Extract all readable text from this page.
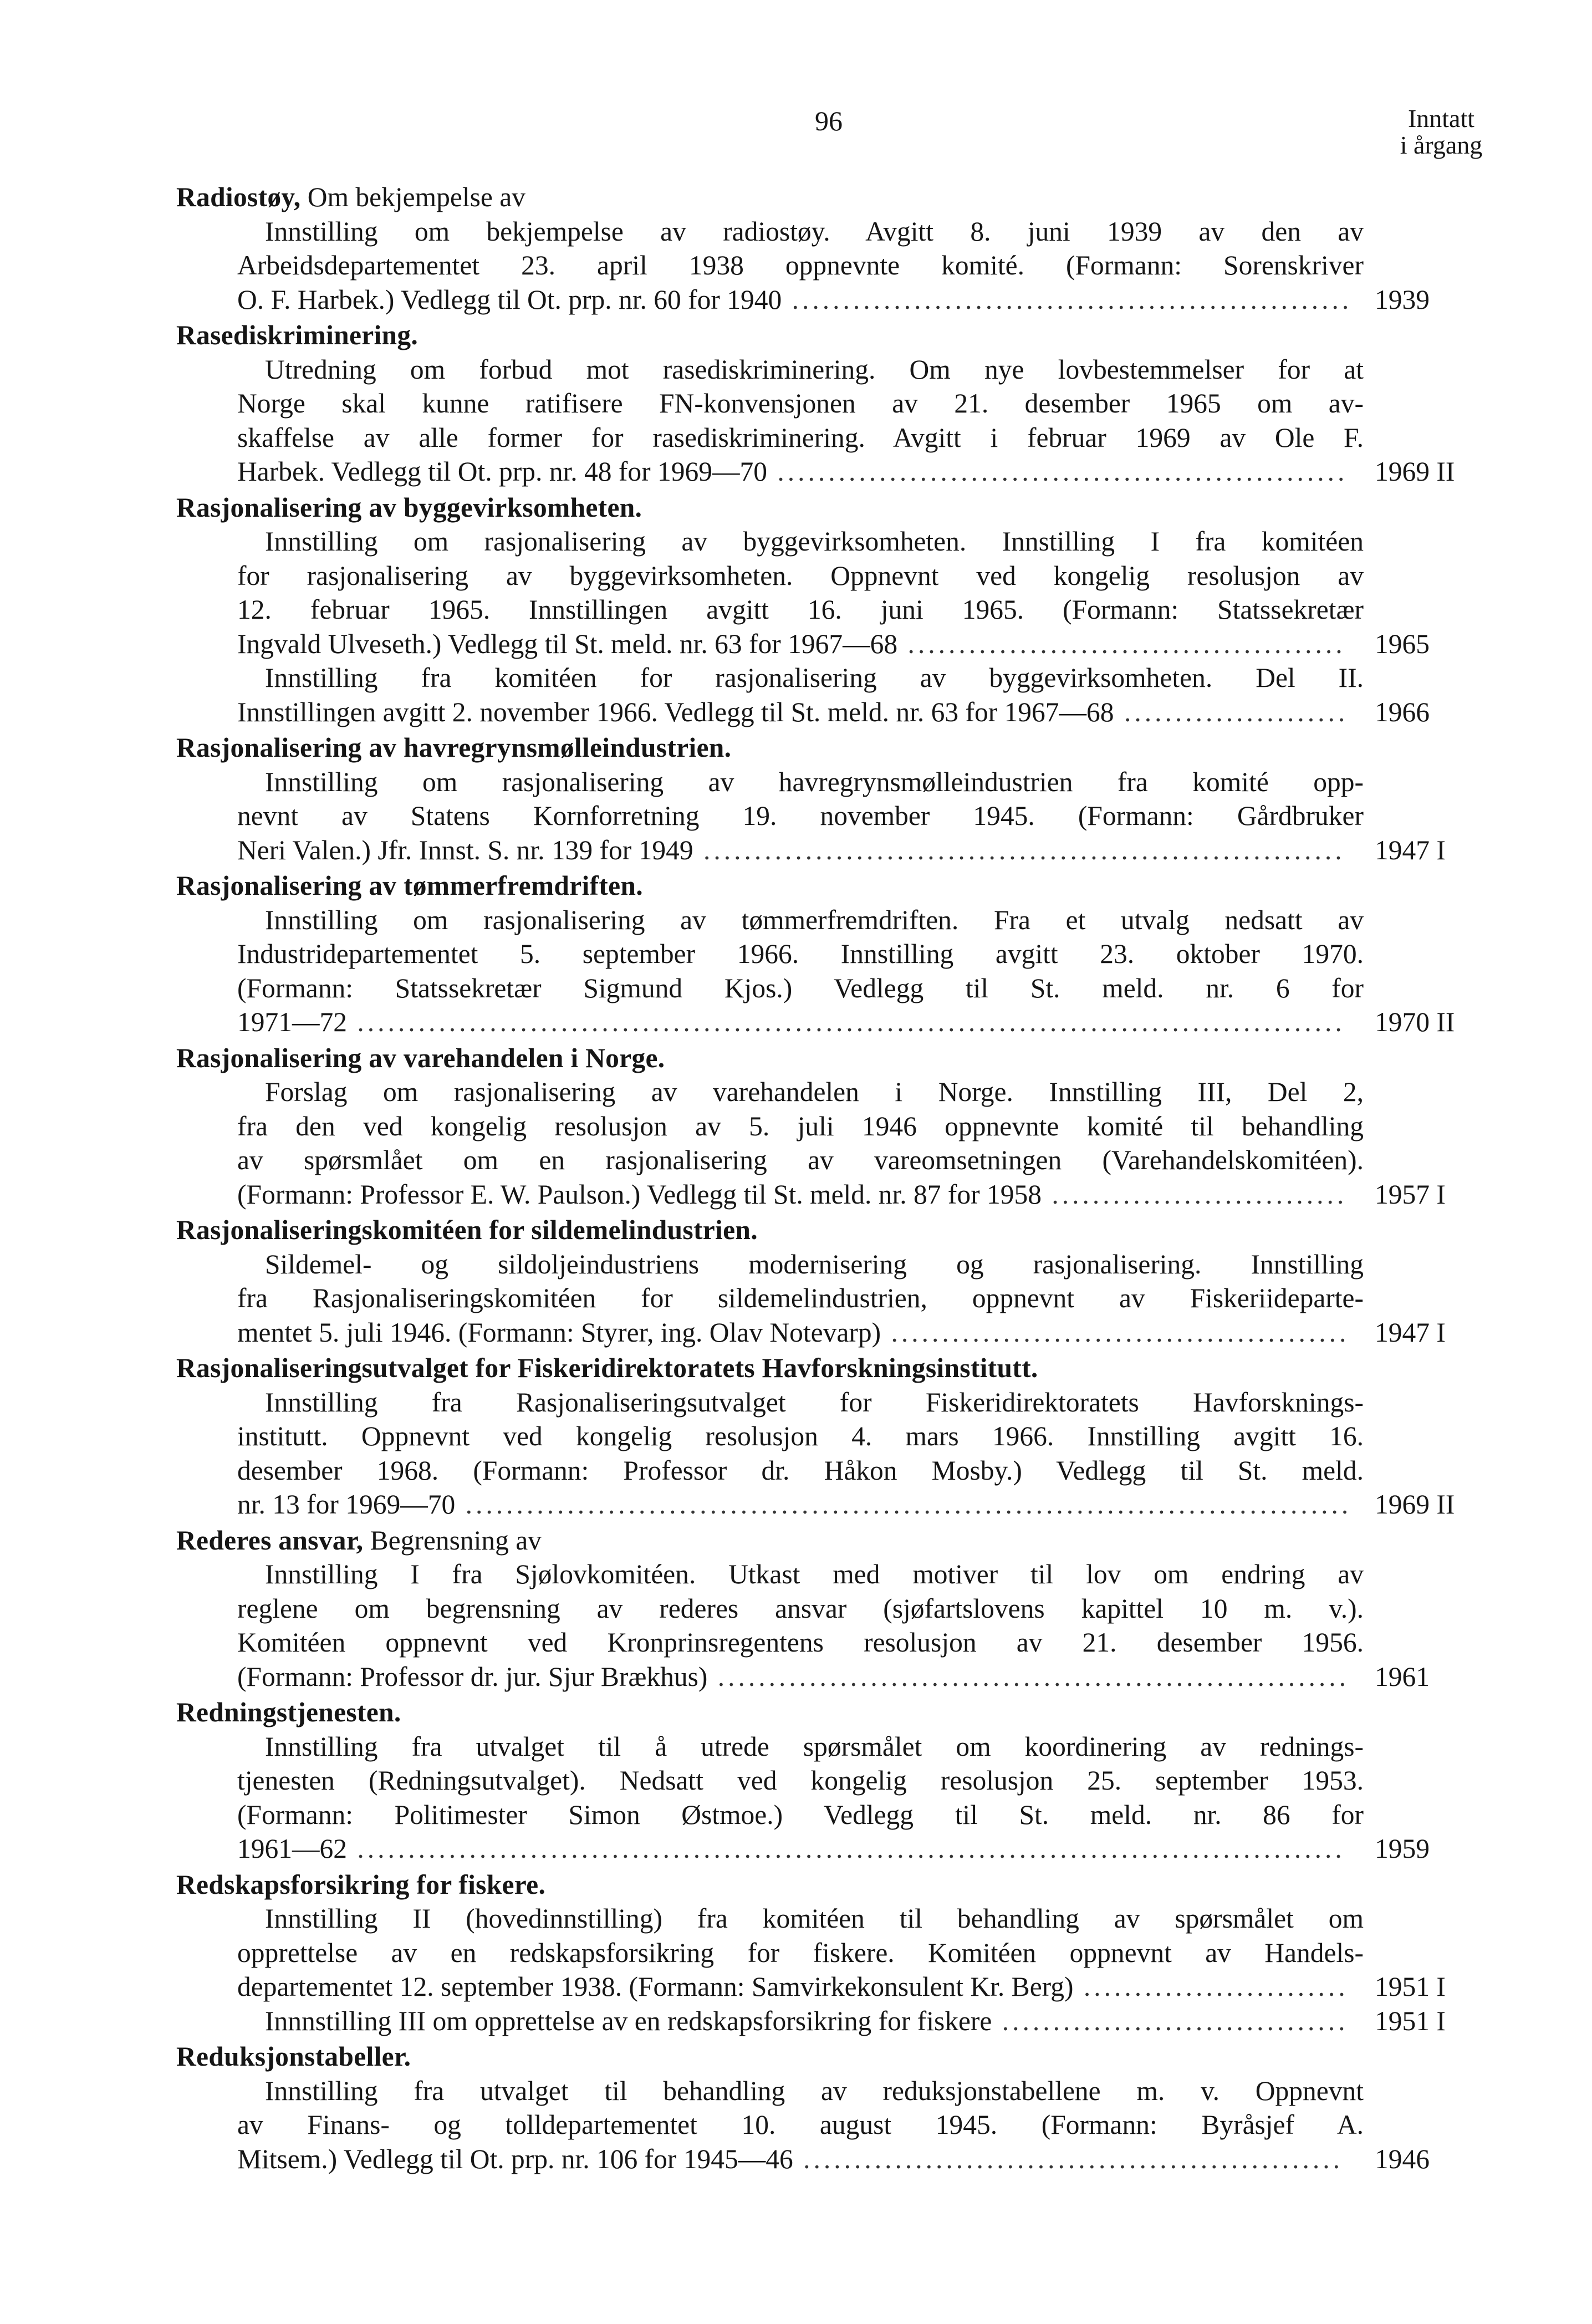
96	Inntatt
i årgang
Radiostøy, Om bekjempelse av
Innstilling om bekjempelse av radiostøy. Avgitt 8. juni 1939 av den av
Arbeidsdepartementet 23. april 1938 oppnevnte komité. (Formann: Sorenskriver
O. F. Harbek.) Vedlegg til Ot. prp. nr. 60 for 1940 ....................................................... 1939
Rasediskriminering.
Utredning om forbud mot rasediskriminering. Om nye lovbestemmelser for at
Norge skal kunne ratifisere FN-konvensjonen av 21. desember 1965 om av-
skaffelse av alle former for rasediskriminering. Avgitt i februar 1969 av Ole F.
Harbek. Vedlegg til Ot. prp. nr. 48 for 1969—70 ........................................................ 1969 II
Rasjonalisering av byggevirksomheten.
Innstilling om rasjonalisering av byggevirksomheten. Innstilling I fra komitéen
for rasjonalisering av byggevirksomheten. Oppnevnt ved kongelig resolusjon av
12. februar 1965. Innstillingen avgitt 16. juni 1965. (Formann: Statssekretær
Ingvald Ulveseth.) Vedlegg til St. meld. nr. 63 for 1967—68 ...........................................	1965
Innstilling fra komitéen for rasjonalisering av byggevirksomheten. Del II.
Innstillingen avgitt 2. november 1966. Vedlegg til St. meld. nr. 63 for 1967—68 ...................... 1966
Rasjonalisering av havregrynsmølleindustrien.
Innstilling om rasjonalisering av havregrynsmølleindustrien fra komité opp-
nevnt av Statens Kornforretning 19. november 1945. (Formann: Gårdbruker
Neri Valen.) Jfr. Innst. S. nr. 139 for 1949 ...............................................................	1947 I
Rasjonalisering av tømmerfremdriften.
Innstilling om rasjonalisering av tømmerfremdriften. Fra et utvalg nedsatt av
Industridepartementet 5. september 1966. Innstilling avgitt 23. oktober 1970.
(Formann: Statssekretær Sigmund Kjos.) Vedlegg til St. meld. nr. 6 for
1971—72 .................................................................................................	1970 II
Rasjonalisering av varehandelen i Norge.
Forslag om rasjonalisering av varehandelen i Norge. Innstilling III, Del 2,
fra den ved kongelig resolusjon av 5. juli 1946 oppnevnte komité til behandling
av spørsmlået om en rasjonalisering av vareomsetningen (Varehandelskomitéen).
(Formann: Professor E. W. Paulson.) Vedlegg til St. meld. nr. 87 for 1958 .............................	1957 I
Rasjonaliseringskomitéen for sildemelindustrien.
Sildemel- og sildoljeindustriens modernisering og rasjonalisering. Innstilling
fra Rasjonaliseringskomitéen for sildemelindustrien, oppnevnt av Fiskeriideparte-
mentet 5. juli 1946. (Formann: Styrer, ing. Olav Notevarp) ............................................. 1947 I
Rasjonaliseringsutvalget for Fiskeridirektoratets Havforskningsinstitutt.
Innstilling fra Rasjonaliseringsutvalget for Fiskeridirektoratets Havforsknings-
institutt. Oppnevnt ved kongelig resolusjon 4. mars 1966. Innstilling avgitt 16.
desember 1968. (Formann: Professor dr. Håkon Mosby.) Vedlegg til St. meld.
nr. 13 for 1969—70 ....................................................................................... 1969 II
Rederes ansvar, Begrensning av
Innstilling I fra Sjølovkomitéen. Utkast med motiver til lov om endring av
reglene om begrensning av rederes ansvar (sjøfartslovens kapittel 10 m. v.).
Komitéen oppnevnt ved Kronprinsregentens resolusjon av 21. desember 1956.
(Formann: Professor dr. jur. Sjur Brækhus) .............................................................. 1961
Redningstjenesten.
Innstilling fra utvalget til å utrede spørsmålet om koordinering av rednings-
tjenesten (Redningsutvalget). Nedsatt ved kongelig resolusjon 25. september 1953.
(Formann: Politimester Simon Østmoe.) Vedlegg til St. meld. nr. 86 for
1961—62 .................................................................................................	1959
Redskapsforsikring for fiskere.
Innstilling II (hovedinnstilling) fra komitéen til behandling av spørsmålet om
opprettelse av en redskapsforsikring for fiskere. Komitéen oppnevnt av Handels-
departementet 12. september 1938. (Formann: Samvirkekonsulent Kr. Berg) .......................... 1951 I
Innnstilling III om opprettelse av en redskapsforsikring for fiskere .................................. 1951 I
Reduksjonstabeller.
Innstilling fra utvalget til behandling av reduksjonstabellene m. v. Oppnevnt
av Finans- og tolldepartementet 10. august 1945. (Formann: Byråsjef A.
Mitsem.) Vedlegg til Ot. prp. nr. 106 for 1945—46 .....................................................	1946
